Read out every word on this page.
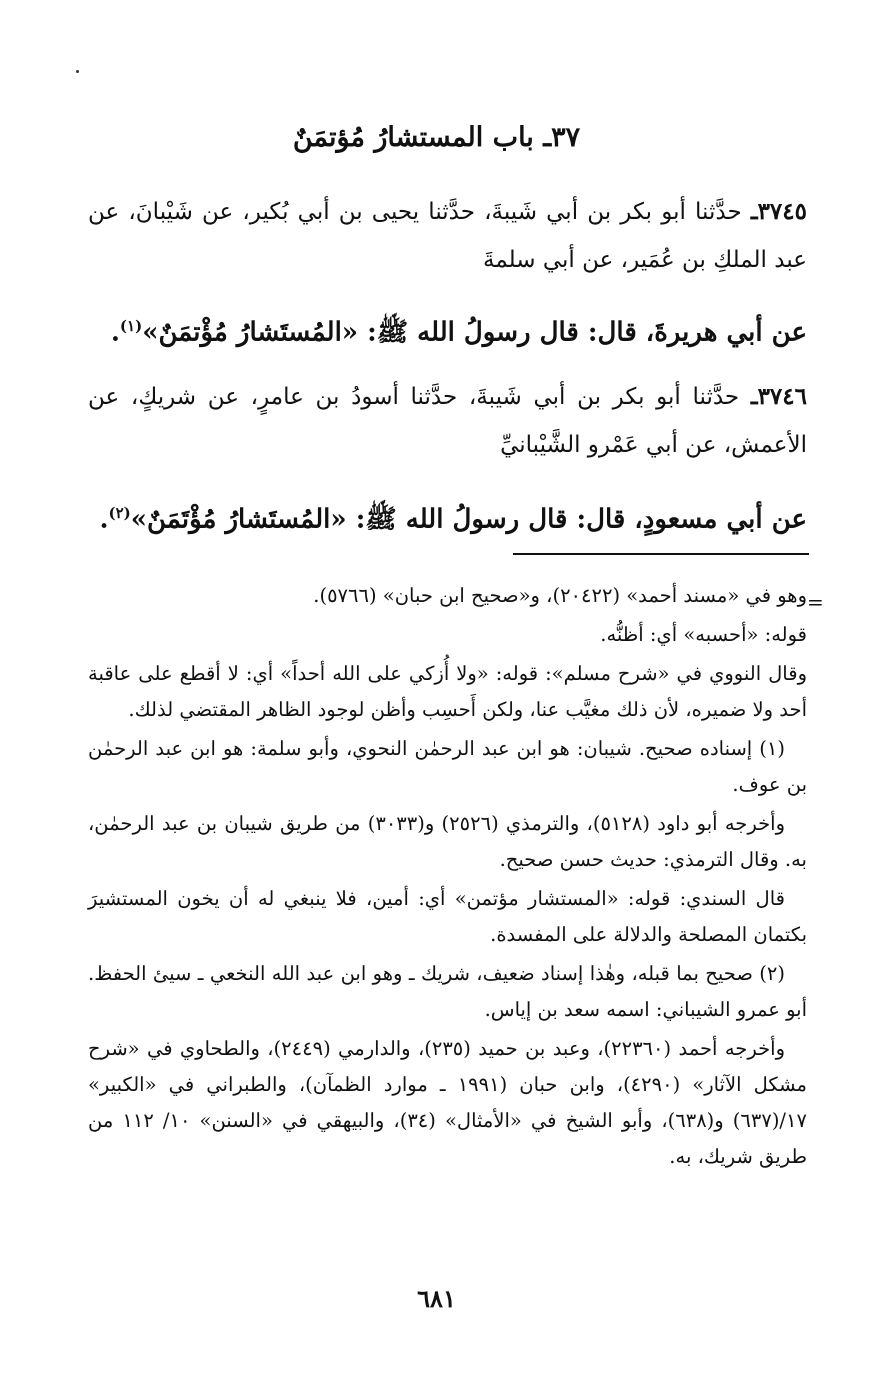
٣٧ـ باب المستشارُ مُؤتمَنٌ
٣٧٤٥ـ حدَّثنا أبو بكر بن أبي شَيبةَ، حدَّثنا يحيى بن أبي بُكير، عن شَيْبانَ، عن عبد الملكِ بن عُمَير، عن أبي سلمةَ
عن أبي هريرةَ، قال: قال رسولُ الله ﷺ: «المُستَشارُ مُؤْتمَنٌ»$^{(١)}$.
٣٧٤٦ـ حدَّثنا أبو بكر بن أبي شَيبةَ، حدَّثنا أسودُ بن عامرٍ، عن شريكٍ، عن الأعمش، عن أبي عَمْرو الشَّيْبانيِّ
عن أبي مسعودٍ، قال: قال رسولُ الله ﷺ: «المُستَشارُ مُؤْتَمَنٌ»$^{(٢)}$.
=

وهو في «مسند أحمد» (٢٠٤٢٢)، و«صحيح ابن حبان» (٥٧٦٦).

قوله: «أحسبه» أي: أظنُّه.

وقال النووي في «شرح مسلم»: قوله: «ولا أُزكي على الله أحداً» أي: لا أقطع على عاقبة أحد ولا ضميره، لأن ذلك مغيَّب عنا، ولكن أَحسِب وأظن لوجود الظاهر المقتضي لذلك.

(١) إسناده صحيح. شيبان: هو ابن عبد الرحمٰن النحوي، وأبو سلمة: هو ابن عبد الرحمٰن بن عوف.

وأخرجه أبو داود (٥١٢٨)، والترمذي (٢٥٢٦) و(٣٠٣٣) من طريق شيبان بن عبد الرحمٰن، به. وقال الترمذي: حديث حسن صحيح.

قال السندي: قوله: «المستشار مؤتمن» أي: أمين، فلا ينبغي له أن يخون المستشيرَ بكتمان المصلحة والدلالة على المفسدة.

(٢) صحيح بما قبله، وهٰذا إسناد ضعيف، شريك ـ وهو ابن عبد الله النخعي ـ سيئ الحفظ. أبو عمرو الشيباني: اسمه سعد بن إياس.

وأخرجه أحمد (٢٢٣٦٠)، وعبد بن حميد (٢٣٥)، والدارمي (٢٤٤٩)، والطحاوي في «شرح مشكل الآثار» (٤٢٩٠)، وابن حبان (١٩٩١ ـ موارد الظمآن)، والطبراني في «الكبير» ١٧/(٦٣٧) و(٦٣٨)، وأبو الشيخ في «الأمثال» (٣٤)، والبيهقي في «السنن» ١٠/ ١١٢ من طريق شريك، به.

٦٨١
